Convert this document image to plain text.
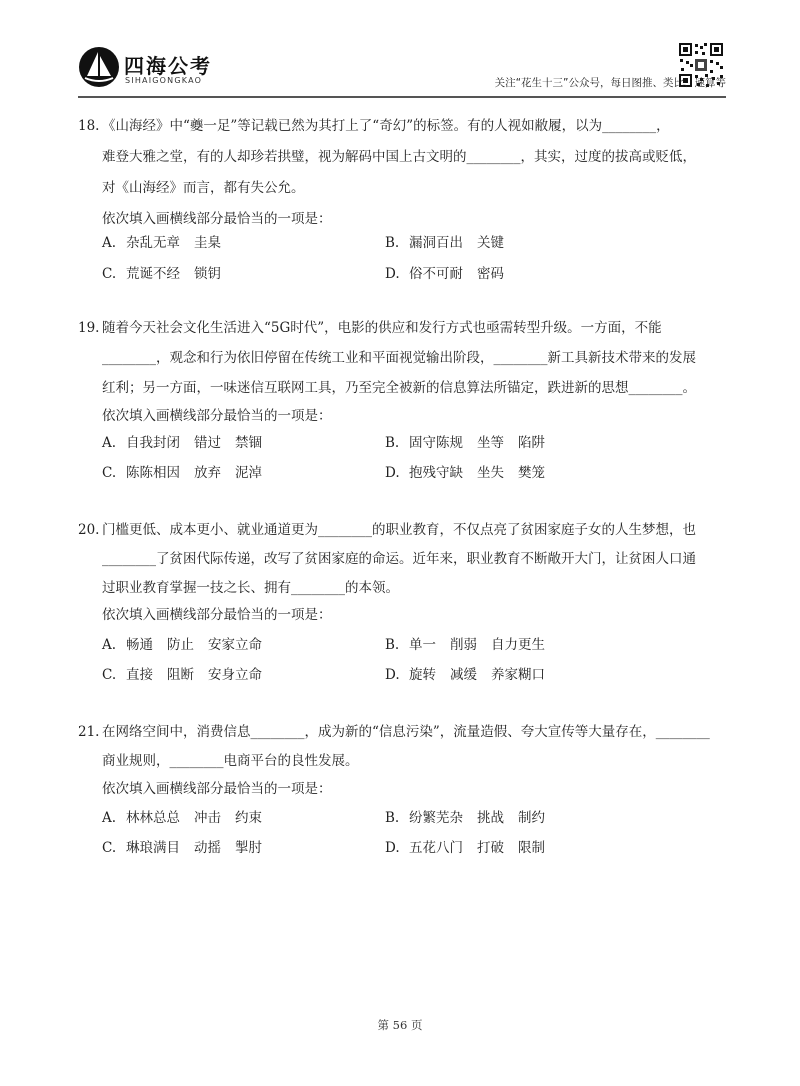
四海公考
SIHAIGONGKAO	关注“花生十三”公众号，每日图推、类比、速算等
18. 《山海经》中“夔一足”等记载已然为其打上了“奇幻”的标签。有的人视如敝履，以为________，
难登大雅之堂，有的人却珍若拱璧，视为解码中国上古文明的________，其实，过度的拔高或贬低，
对《山海经》而言，都有失公允。
依次填入画横线部分最恰当的一项是：
A. 杂乱无章 圭臬	B. 漏洞百出 关键
C. 荒诞不经 锁钥	D. 俗不可耐 密码
19. 随着今天社会文化生活进入“5G时代”，电影的供应和发行方式也亟需转型升级。一方面，不能
________，观念和行为依旧停留在传统工业和平面视觉输出阶段，________新工具新技术带来的发展
红利；另一方面，一味迷信互联网工具，乃至完全被新的信息算法所锚定，跌进新的思想________。
依次填入画横线部分最恰当的一项是：
A. 自我封闭 错过 禁锢	B. 固守陈规 坐等 陷阱
C. 陈陈相因 放弃 泥淖	D. 抱残守缺 坐失 樊笼
20. 门槛更低、成本更小、就业通道更为________的职业教育，不仅点亮了贫困家庭子女的人生梦想，也
________了贫困代际传递，改写了贫困家庭的命运。近年来，职业教育不断敞开大门，让贫困人口通
过职业教育掌握一技之长、拥有________的本领。
依次填入画横线部分最恰当的一项是：
A. 畅通 防止 安家立命	B. 单一 削弱 自力更生
C. 直接 阻断 安身立命	D. 旋转 减缓 养家糊口
21. 在网络空间中，消费信息________，成为新的“信息污染”，流量造假、夸大宣传等大量存在，________
商业规则，________电商平台的良性发展。
依次填入画横线部分最恰当的一项是：
A. 林林总总 冲击 约束	B. 纷繁芜杂 挑战 制约
C. 琳琅满目 动摇 掣肘	D. 五花八门 打破 限制
第 56 页
